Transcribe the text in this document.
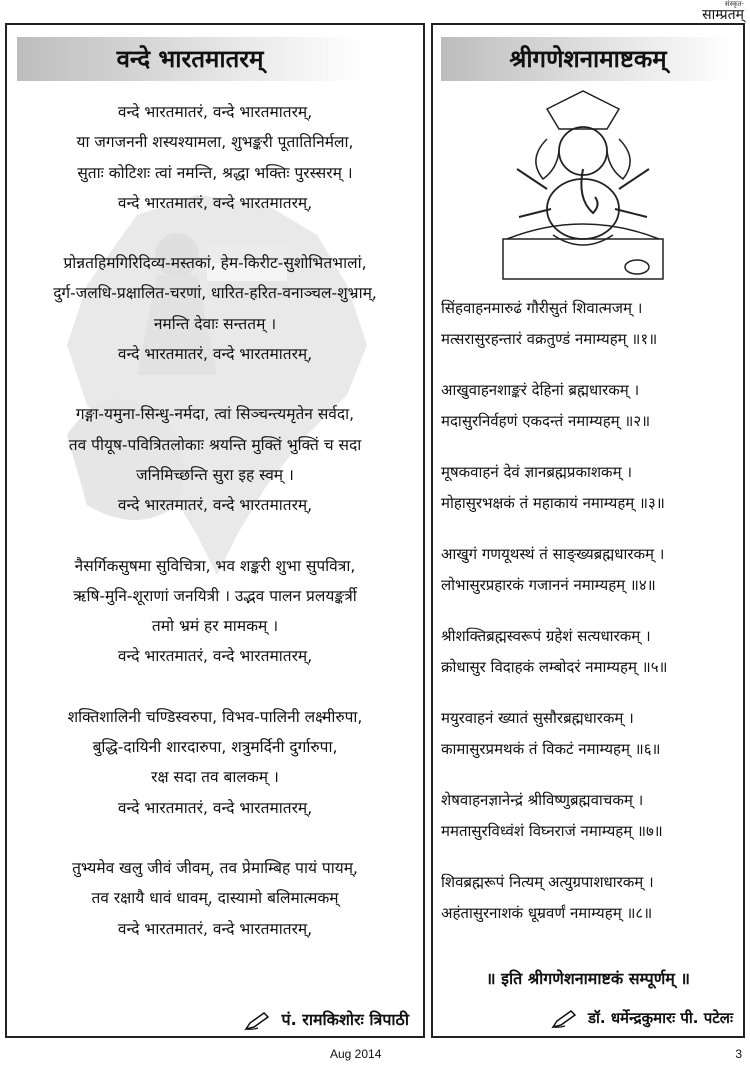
संस्कृत-
साम्प्रतम्
वन्दे भारतमातरम्
वन्दे भारतमातरं, वन्दे भारतमातरम्,
या जगजननी शस्यश्यामला, शुभङ्करी पूतातिनिर्मला,
सुताः कोटिशः त्वां नमन्ति, श्रद्धा भक्तिः पुरस्सरम् ।
वन्दे भारतमातरं, वन्दे भारतमातरम्,
प्रोन्नतहिमगिरिदिव्य-मस्तकां, हेम-किरीट-सुशोभितभालां,
दुर्ग-जलधि-प्रक्षालित-चरणां, धारित-हरित-वनाञ्चल-शुभ्राम्,
नमन्ति देवाः सन्ततम् ।
वन्दे भारतमातरं, वन्दे भारतमातरम्,
गङ्गा-यमुना-सिन्धु-नर्मदा, त्वां सिञ्चन्त्यमृतेन सर्वदा,
तव पीयूष-पवित्रितलोकाः श्रयन्ति मुक्तिं भुक्तिं च सदा
जनिमिच्छन्ति सुरा इह स्वम् ।
वन्दे भारतमातरं, वन्दे भारतमातरम्,
नैसर्गिकसुषमा सुविचित्रा, भव शङ्करी शुभा सुपवित्रा,
ऋषि-मुनि-शूराणां जनयित्री । उद्भव पालन प्रलयङ्कर्त्री
तमो भ्रमं हर मामकम् ।
वन्दे भारतमातरं, वन्दे भारतमातरम्,
शक्तिशालिनी चण्डिस्वरुपा, विभव-पालिनी लक्ष्मीरुपा,
बुद्धि-दायिनी शारदारुपा, शत्रुमर्दिनी दुर्गारुपा,
रक्ष सदा तव बालकम् ।
वन्दे भारतमातरं, वन्दे भारतमातरम्,
तुभ्यमेव खलु जीवं जीवम्, तव प्रेमाम्बिह पायं पायम्,
तव रक्षायै धावं धावम्, दास्यामो बलिमात्मकम्
वन्दे भारतमातरं, वन्दे भारतमातरम्,
पं. रामकिशोरः त्रिपाठी
श्रीगणेशनामाष्टकम्
सिंहवाहनमारुढं गौरीसुतं शिवात्मजम् ।
मत्सरासुरहन्तारं वक्रतुण्डं नमाम्यहम् ॥१॥
आखुवाहनशाङ्करं देहिनां ब्रह्मधारकम् ।
मदासुरनिर्वहणं एकदन्तं नमाम्यहम् ॥२॥
मूषकवाहनं देवं ज्ञानब्रह्मप्रकाशकम् ।
मोहासुरभक्षकं तं महाकायं नमाम्यहम् ॥३॥
आखुगं गणयूथस्थं तं साङ्ख्यब्रह्मधारकम् ।
लोभासुरप्रहारकं गजाननं नमाम्यहम् ॥४॥
श्रीशक्तिब्रह्मस्वरूपं ग्रहेशं सत्यधारकम् ।
क्रोधासुर विदाहकं लम्बोदरं नमाम्यहम् ॥५॥
मयुरवाहनं ख्यातं सुसौरब्रह्मधारकम् ।
कामासुरप्रमथकं तं विकटं नमाम्यहम् ॥६॥
शेषवाहनज्ञानेन्द्रं श्रीविष्णुब्रह्मवाचकम् ।
ममतासुरविध्वंशं विघ्नराजं नमाम्यहम् ॥७॥
शिवब्रह्मरूपं नित्यम् अत्युग्रपाशधारकम् ।
अहंतासुरनाशकं धूम्रवर्णं नमाम्यहम् ॥८॥
॥ इति श्रीगणेशनामाष्टकं सम्पूर्णम् ॥
डॉ. धर्मेन्द्रकुमारः पी. पटेलः
Aug 2014	3
